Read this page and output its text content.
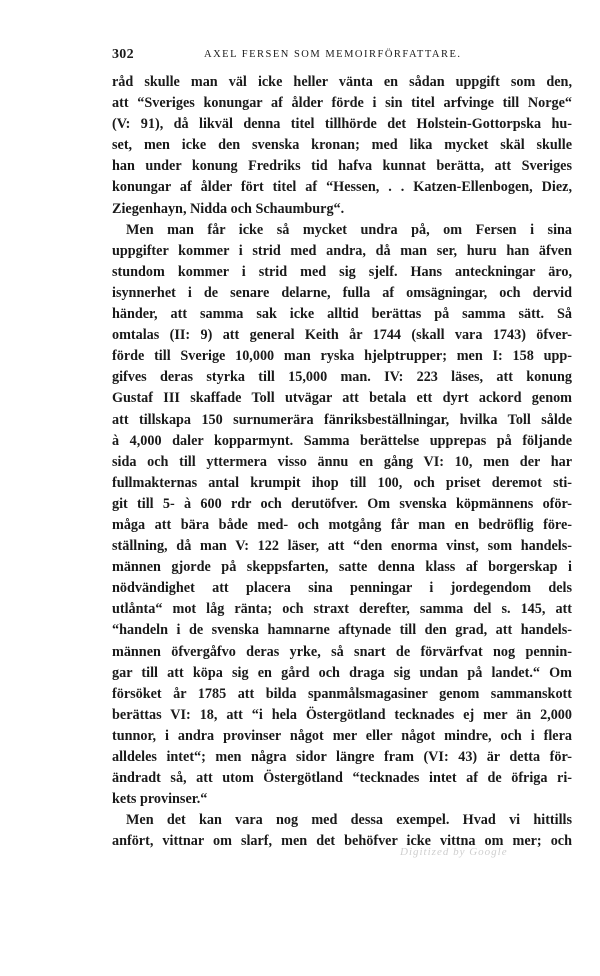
302	AXEL FERSEN SOM MEMOIRFÖRFATTARE.
råd skulle man väl icke heller vänta en sådan uppgift som den,
att “Sveriges konungar af ålder förde i sin titel arfvinge till Norge“
(V: 91), då likväl denna titel tillhörde det Holstein-Gottorpska hu-
set, men icke den svenska kronan; med lika mycket skäl skulle
han under konung Fredriks tid hafva kunnat berätta, att Sveriges
konungar af ålder fört titel af “Hessen, . . Katzen-Ellenbogen, Diez,
Ziegenhayn, Nidda och Schaumburg“.
Men man får icke så mycket undra på, om Fersen i sina
uppgifter kommer i strid med andra, då man ser, huru han äfven
stundom kommer i strid med sig sjelf. Hans anteckningar äro,
isynnerhet i de senare delarne, fulla af omsägningar, och dervid
händer, att samma sak icke alltid berättas på samma sätt. Så
omtalas (II: 9) att general Keith år 1744 (skall vara 1743) öfver-
förde till Sverige 10,000 man ryska hjelptrupper; men I: 158 upp-
gifves deras styrka till 15,000 man. IV: 223 läses, att konung
Gustaf III skaffade Toll utvägar att betala ett dyrt ackord genom
att tillskapa 150 surnumerära fänriksbeställningar, hvilka Toll sålde
à 4,000 daler kopparmynt. Samma berättelse upprepas på följande
sida och till yttermera visso ännu en gång VI: 10, men der har
fullmakternas antal krumpit ihop till 100, och priset deremot sti-
git till 5- à 600 rdr och derutöfver. Om svenska köpmännens oför-
måga att bära både med- och motgång får man en bedröflig före-
ställning, då man V: 122 läser, att “den enorma vinst, som handels-
männen gjorde på skeppsfarten, satte denna klass af borgerskap i
nödvändighet att placera sina penningar i jordegendom dels
utlånta“ mot låg ränta; och straxt derefter, samma del s. 145, att
“handeln i de svenska hamnarne aftynade till den grad, att handels-
männen öfvergåfvo deras yrke, så snart de förvärfvat nog pennin-
gar till att köpa sig en gård och draga sig undan på landet.“ Om
försöket år 1785 att bilda spanmålsmagasiner genom sammanskott
berättas VI: 18, att “i hela Östergötland tecknades ej mer än 2,000
tunnor, i andra provinser något mer eller något mindre, och i flera
alldeles intet“; men några sidor längre fram (VI: 43) är detta för-
ändradt så, att utom Östergötland “tecknades intet af de öfriga ri-
kets provinser.“
Men det kan vara nog med dessa exempel. Hvad vi hittills
anfört, vittnar om slarf, men det behöfver icke vittna om mer; och
Digitized by Google
